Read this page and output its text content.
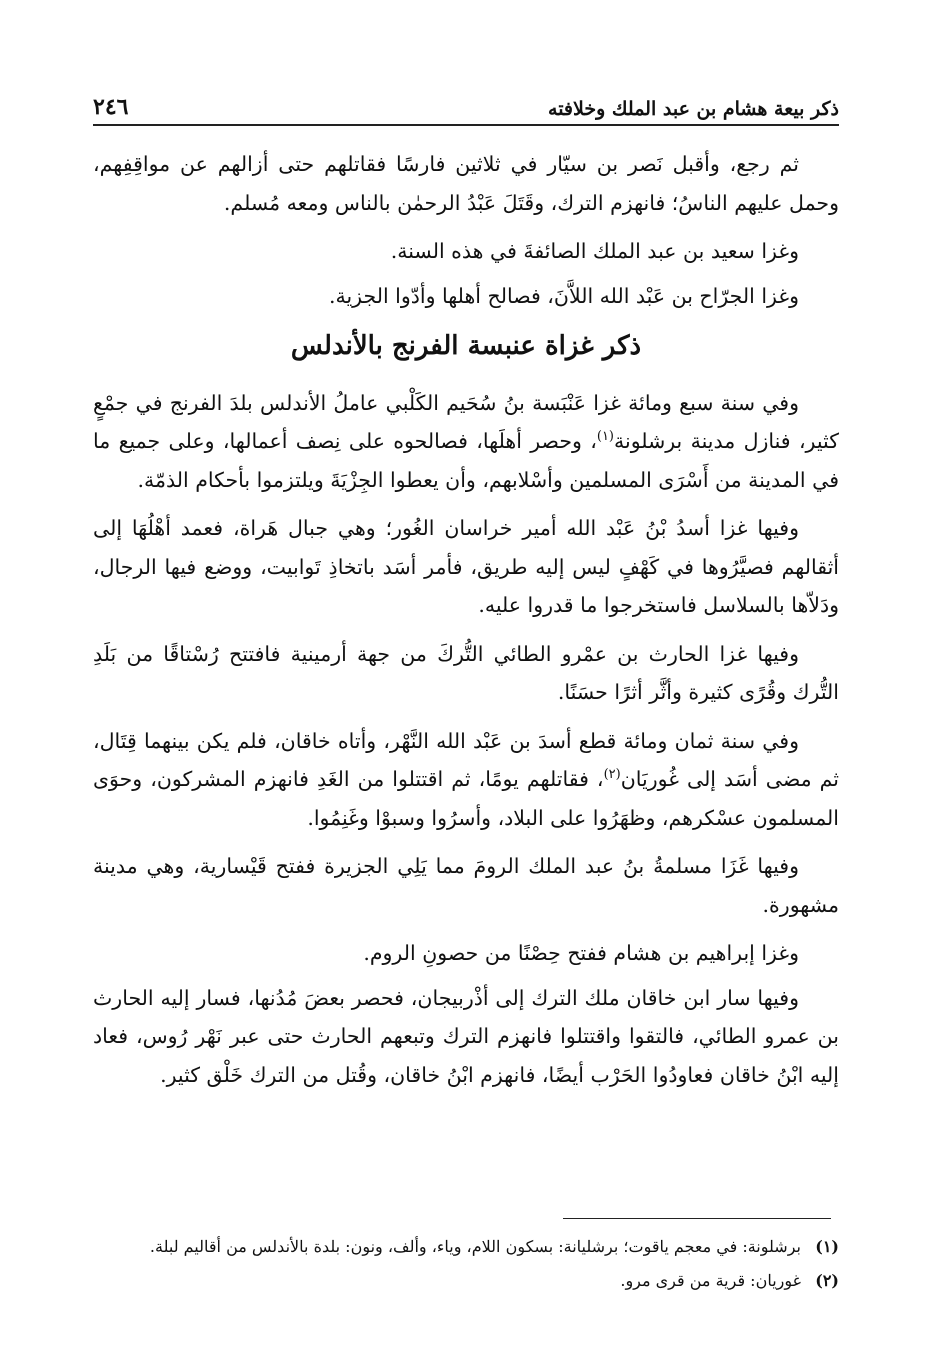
ذكر بيعة هشام بن عبد الملك وخلافته
٢٤٦

ثم رجع، وأقبل نَصر بن سيّار في ثلاثين فارسًا فقاتلهم حتى أزالهم عن مواقِفِهم، وحمل عليهم الناسُ؛ فانهزم الترك، وقَتَلَ عَبْدُ الرحمٰن بالناس ومعه مُسلم.

وغزا سعيد بن عبد الملك الصائفةَ في هذه السنة.

وغزا الجرّاح بن عَبْد الله اللاَّنَ، فصالح أهلها وأدّوا الجزية.

ذكر غزاة عنبسة الفرنج بالأندلس

وفي سنة سبع ومائة غزا عَنْبَسة بنُ سُحَيم الكَلْبي عاملُ الأندلس بلدَ الفرنج في جمْعٍ كثير، فنازل مدينة برشلونة$^{(١)}$، وحصر أهلَها، فصالحوه على نِصف أعمالها، وعلى جميع ما في المدينة من أَسْرَى المسلمين وأسْلابهم، وأن يعطوا الجِزْيَةَ ويلتزموا بأحكام الذمّة.

وفيها غزا أسدُ بْنُ عَبْد الله أمير خراسان الغُور؛ وهي جبال هَراة، فعمد أهْلُهَا إلى أثقالهم فصيَّرُوها في كَهْفٍ ليس إليه طريق، فأمر أسَد باتخاذِ تَوابيت، ووضع فيها الرجال، ودَلاّها بالسلاسل فاستخرجوا ما قدروا عليه.

وفيها غزا الحارث بن عمْرو الطائي التُّركَ من جهة أرمينية فافتتح رُسْتاقًا من بَلَدِ التُّرك وقُرًى كثيرة وأثَّر أثرًا حسَنًا.

وفي سنة ثمان ومائة قطع أسدَ بن عَبْد الله النَّهْر، وأتاه خاقان، فلم يكن بينهما قِتَال، ثم مضى أسَد إلى غُوريَان$^{(٢)}$، فقاتلهم يومًا، ثم اقتتلوا من الغَدِ فانهزم المشركون، وحوَى المسلمون عسْكرهم، وظهَرُوا على البلاد، وأسرُوا وسبوْا وغَنِمُوا.

وفيها غَزَا مسلمةُ بنُ عبد الملك الرومَ مما يَلِي الجزيرة ففتح قَيْسارية، وهي مدينة مشهورة.

وغزا إبراهيم بن هشام ففتح حِصْنًا من حصونِ الروم.

وفيها سار ابن خاقان ملك الترك إلى أذْربيجان، فحصر بعضَ مُدُنها، فسار إليه الحارث بن عمرو الطائي، فالتقوا واقتتلوا فانهزم الترك وتبعهم الحارث حتى عبر نَهْر رُوس، فعاد إليه ابْنُ خاقان فعاودُوا الحَرْب أيضًا، فانهزم ابْنُ خاقان، وقُتل من الترك خَلْق كثير.

(١)
برشلونة: في معجم ياقوت؛ برشليانة: بسكون اللام، وياء، وألف، ونون: بلدة بالأندلس من أقاليم لبلة.
(٢)
غوريان: قرية من قرى مرو.
